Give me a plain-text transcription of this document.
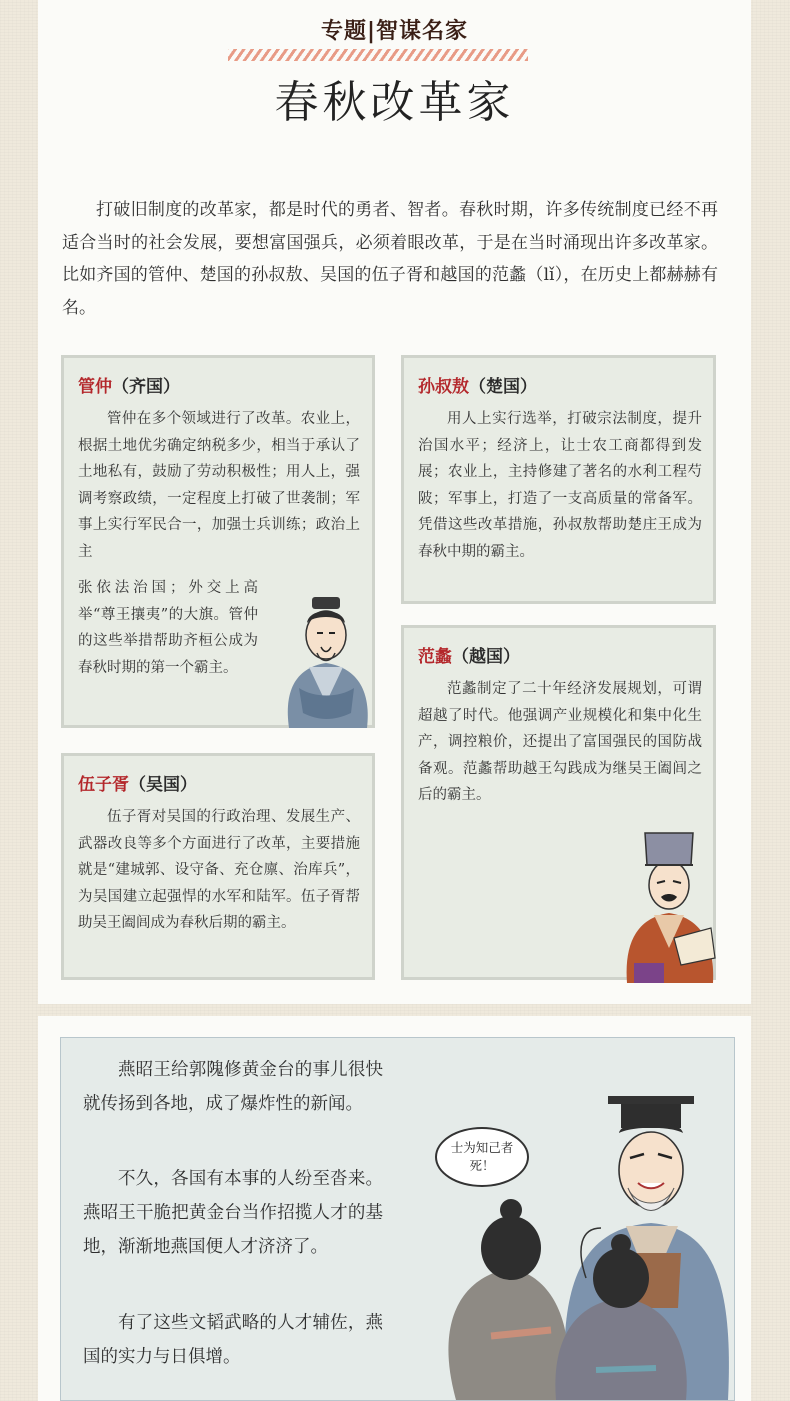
专题|智谋名家
春秋改革家

打破旧制度的改革家，都是时代的勇者、智者。春秋时期，许多传统制度已经不再适合当时的社会发展，要想富国强兵，必须着眼改革，于是在当时涌现出许多改革家。比如齐国的管仲、楚国的孙叔敖、吴国的伍子胥和越国的范蠡（lǐ），在历史上都赫赫有名。

管仲（齐国）

管仲在多个领域进行了改革。农业上，根据土地优劣确定纳税多少，相当于承认了土地私有，鼓励了劳动积极性；用人上，强调考察政绩，一定程度上打破了世袭制；军事上实行军民合一，加强士兵训练；政治上主

张依法治国；外交上高举“尊王攘夷”的大旗。管仲的这些举措帮助齐桓公成为春秋时期的第一个霸主。

孙叔敖（楚国）

用人上实行选举，打破宗法制度，提升治国水平；经济上，让士农工商都得到发展；农业上，主持修建了著名的水利工程芍陂；军事上，打造了一支高质量的常备军。凭借这些改革措施，孙叔敖帮助楚庄王成为春秋中期的霸主。

伍子胥（吴国）

伍子胥对吴国的行政治理、发展生产、武器改良等多个方面进行了改革，主要措施就是“建城郭、设守备、充仓廪、治库兵”，为吴国建立起强悍的水军和陆军。伍子胥帮助吴王阖闾成为春秋后期的霸主。

范蠡（越国）

范蠡制定了二十年经济发展规划，可谓超越了时代。他强调产业规模化和集中化生产，调控粮价，还提出了富国强民的国防战备观。范蠡帮助越王勾践成为继吴王阖闾之后的霸主。

燕昭王给郭隗修黄金台的事儿很快就传扬到各地，成了爆炸性的新闻。

不久，各国有本事的人纷至沓来。燕昭王干脆把黄金台当作招揽人才的基地，渐渐地燕国便人才济济了。

有了这些文韬武略的人才辅佐，燕国的实力与日俱增。

士为知己者死！
